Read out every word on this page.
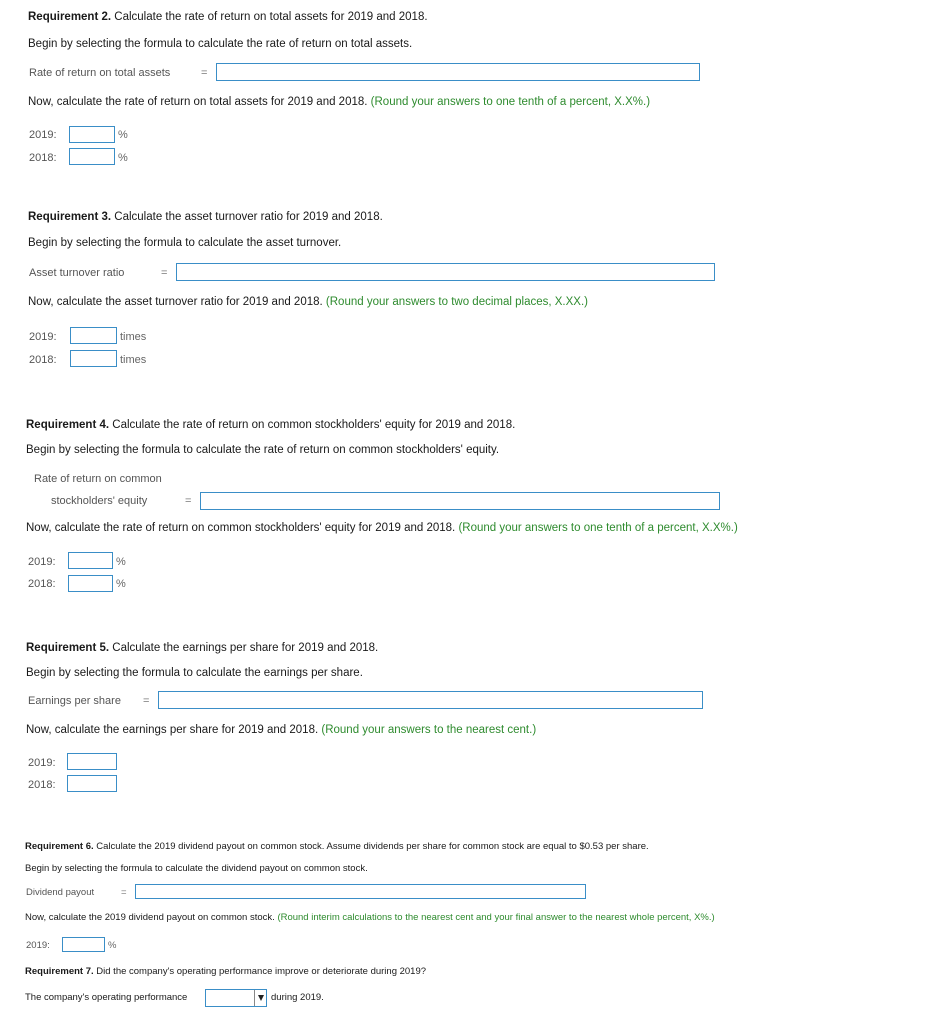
Requirement 2. Calculate the rate of return on total assets for 2019 and 2018.
Begin by selecting the formula to calculate the rate of return on total assets.
Rate of return on total assets	=
Now, calculate the rate of return on total assets for 2019 and 2018. (Round your answers to one tenth of a percent, X.X%.)
2019:	%
2018:	%
Requirement 3. Calculate the asset turnover ratio for 2019 and 2018.
Begin by selecting the formula to calculate the asset turnover.
Asset turnover ratio	=
Now, calculate the asset turnover ratio for 2019 and 2018. (Round your answers to two decimal places, X.XX.)
2019:	times
2018:	times
Requirement 4. Calculate the rate of return on common stockholders' equity for 2019 and 2018.
Begin by selecting the formula to calculate the rate of return on common stockholders' equity.
Rate of return on common
stockholders' equity	=
Now, calculate the rate of return on common stockholders' equity for 2019 and 2018. (Round your answers to one tenth of a percent, X.X%.)
2019:	%
2018:	%
Requirement 5. Calculate the earnings per share for 2019 and 2018.
Begin by selecting the formula to calculate the earnings per share.
Earnings per share =
Now, calculate the earnings per share for 2019 and 2018. (Round your answers to the nearest cent.)
2019:
2018:
Requirement 6. Calculate the 2019 dividend payout on common stock. Assume dividends per share for common stock are equal to $0.53 per share.
Begin by selecting the formula to calculate the dividend payout on common stock.
Dividend payout	=
Now, calculate the 2019 dividend payout on common stock. (Round interim calculations to the nearest cent and your final answer to the nearest whole percent, X%.)
2019:	%
Requirement 7. Did the company's operating performance improve or deteriorate during 2019?
The company's operating performance	during 2019.
